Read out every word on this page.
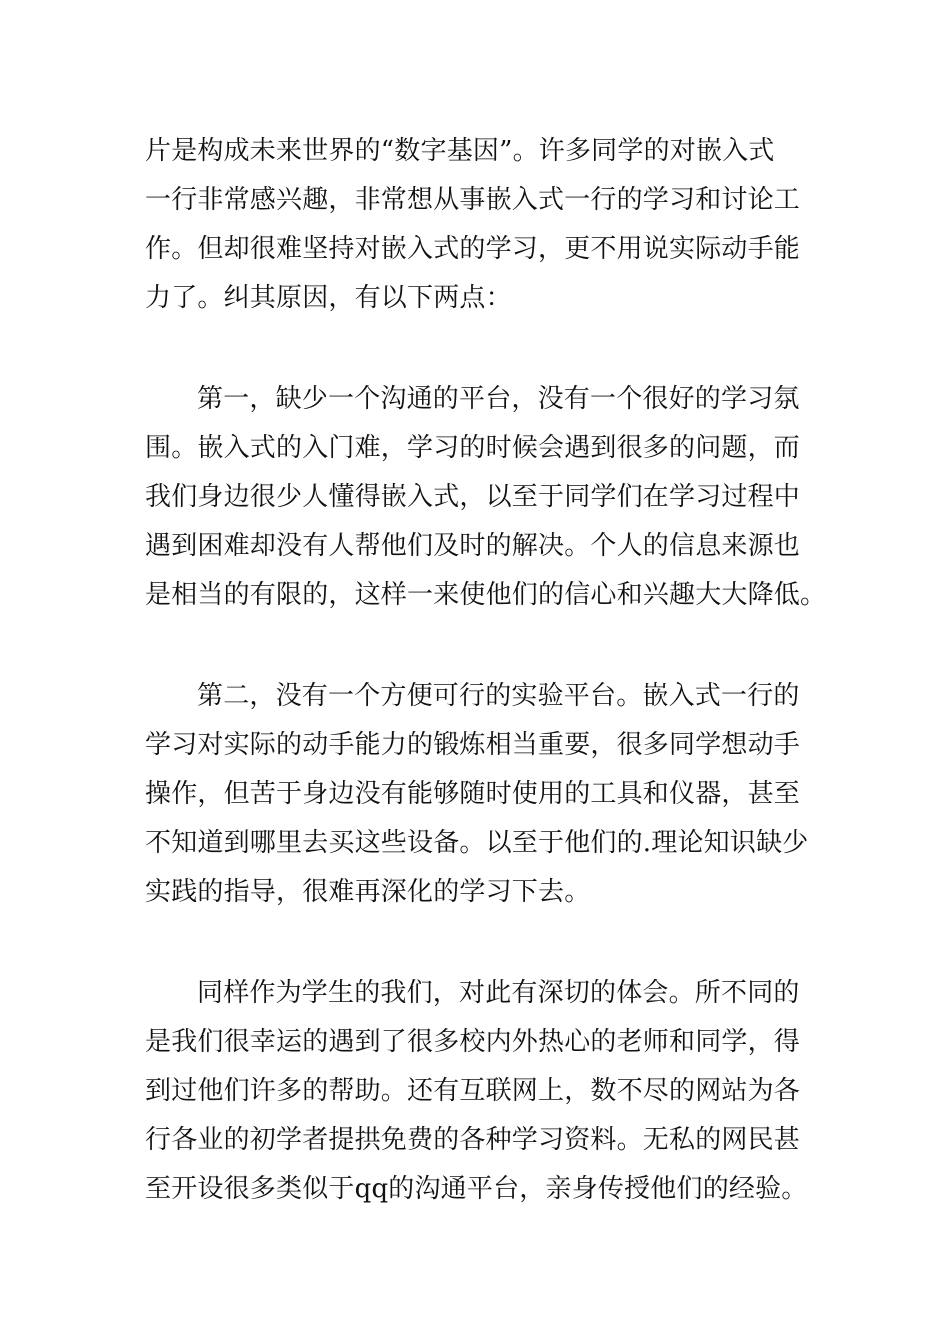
片是构成未来世界的“数字基因”。许多同学的对嵌入式
一行非常感兴趣，非常想从事嵌入式一行的学习和讨论工
作。但却很难坚持对嵌入式的学习，更不用说实际动手能
力了。纠其原因，有以下两点：
第一，缺少一个沟通的平台，没有一个很好的学习氛
围。嵌入式的入门难，学习的时候会遇到很多的问题，而
我们身边很少人懂得嵌入式，以至于同学们在学习过程中
遇到困难却没有人帮他们及时的解决。个人的信息来源也
是相当的有限的，这样一来使他们的信心和兴趣大大降低。
第二，没有一个方便可行的实验平台。嵌入式一行的
学习对实际的动手能力的锻炼相当重要，很多同学想动手
操作，但苦于身边没有能够随时使用的工具和仪器，甚至
不知道到哪里去买这些设备。以至于他们的.理论知识缺少
实践的指导，很难再深化的学习下去。
同样作为学生的我们，对此有深切的体会。所不同的
是我们很幸运的遇到了很多校内外热心的老师和同学，得
到过他们许多的帮助。还有互联网上，数不尽的网站为各
行各业的初学者提拱免费的各种学习资料。无私的网民甚
至开设很多类似于qq的沟通平台，亲身传授他们的经验。
